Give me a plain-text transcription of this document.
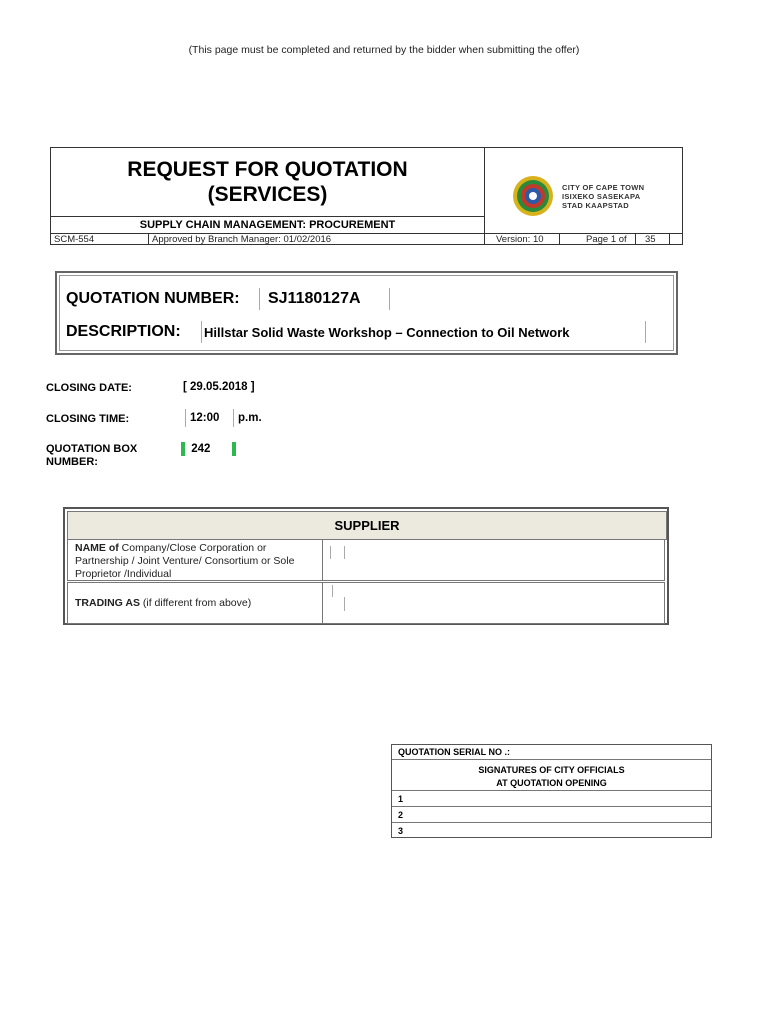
(This page must be completed and returned by the bidder when submitting the offer)
REQUEST FOR QUOTATION
(SERVICES)
SUPPLY CHAIN MANAGEMENT: PROCUREMENT
CITY OF CAPE TOWN
ISIXEKO SASEKAPA
STAD KAAPSTAD
SCM-554	Approved by Branch Manager: 01/02/2016	Version: 10	Page 1 of 35
QUOTATION NUMBER: SJ1180127A
DESCRIPTION: Hillstar Solid Waste Workshop – Connection to Oil Network
CLOSING DATE:	[ 29.05.2018 ]
CLOSING TIME:	12:00 p.m.
QUOTATION BOX
NUMBER:
242
SUPPLIER
NAME of Company/Close Corporation or Partnership / Joint Venture/ Consortium or Sole Proprietor /Individual
TRADING AS (if different from above)
QUOTATION SERIAL NO .:
SIGNATURES OF CITY OFFICIALS
AT QUOTATION OPENING
1
2
3
